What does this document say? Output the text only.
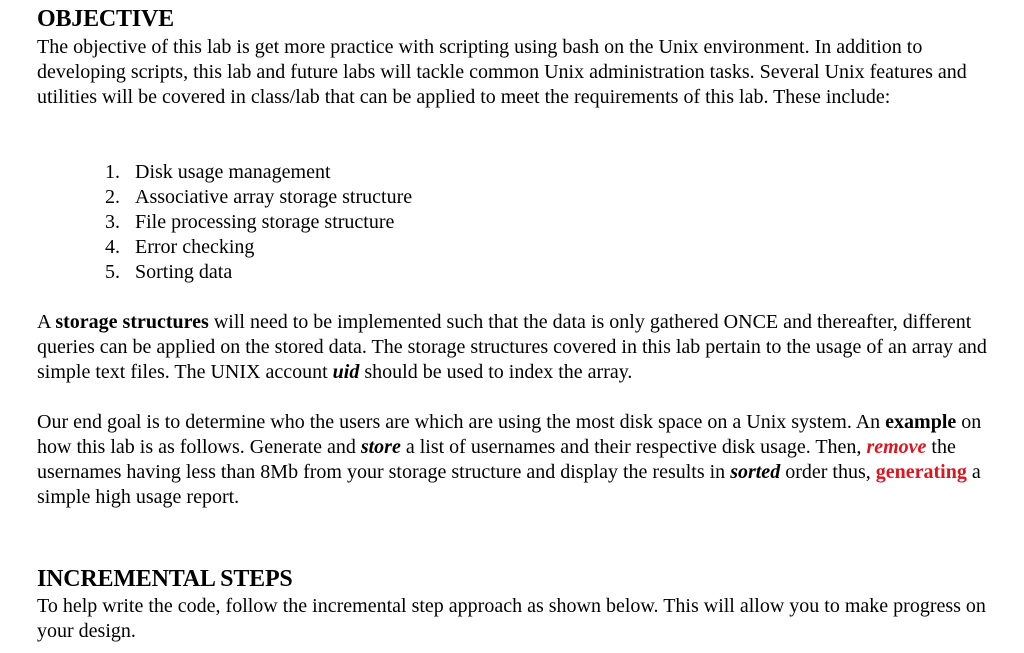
OBJECTIVE

The objective of this lab is get more practice with scripting using bash on the Unix environment. In addition to developing scripts, this lab and future labs will tackle common Unix administration tasks. Several Unix features and utilities will be covered in class/lab that can be applied to meet the requirements of this lab. These include:

1. Disk usage management
2. Associative array storage structure
3. File processing storage structure
4. Error checking
5. Sorting data

A storage structures will need to be implemented such that the data is only gathered ONCE and thereafter, different queries can be applied on the stored data. The storage structures covered in this lab pertain to the usage of an array and simple text files. The UNIX account uid should be used to index the array.

Our end goal is to determine who the users are which are using the most disk space on a Unix system. An example on how this lab is as follows. Generate and store a list of usernames and their respective disk usage. Then, remove the usernames having less than 8Mb from your storage structure and display the results in sorted order thus, generating a simple high usage report.

INCREMENTAL STEPS

To help write the code, follow the incremental step approach as shown below. This will allow you to make progress on your design.
